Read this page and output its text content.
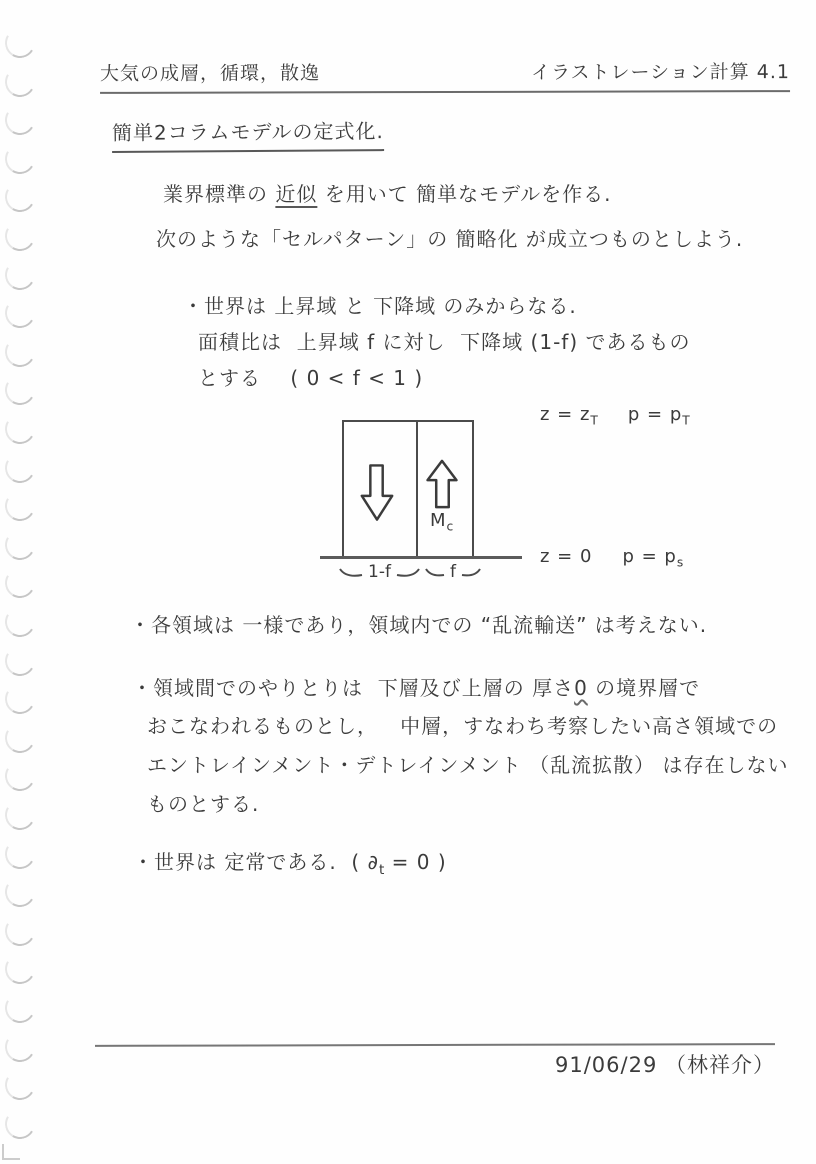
大気の成層，循環，散逸	イラストレーション計算 4.1
簡単2コラムモデルの定式化.
業界標準の 近似 を用いて 簡単なモデルを作る.
次のような「セルパターン」の 簡略化 が成立つものとしよう.
・世界は 上昇域 と 下降域 のみからなる.
面積比は  上昇域 f に対し  下降域 (1-f) であるもの
とする    ( 0 < f < 1 )
$M_c$
1-f	f
$z = z_T$ $p = p_T$
z = 0 $p = p_s$
・各領域は 一様であり，領域内での “乱流輸送” は考えない.
・領域間でのやりとりは  下層及び上層の 厚さ0 の境界層で
おこなわれるものとし，   中層，すなわち考察したい高さ領域での
エントレインメント・デトレインメント （乱流拡散） は存在しない
ものとする.
・世界は 定常である.  ( $\partial_t = 0$ )
91/06/29 （林祥介）
